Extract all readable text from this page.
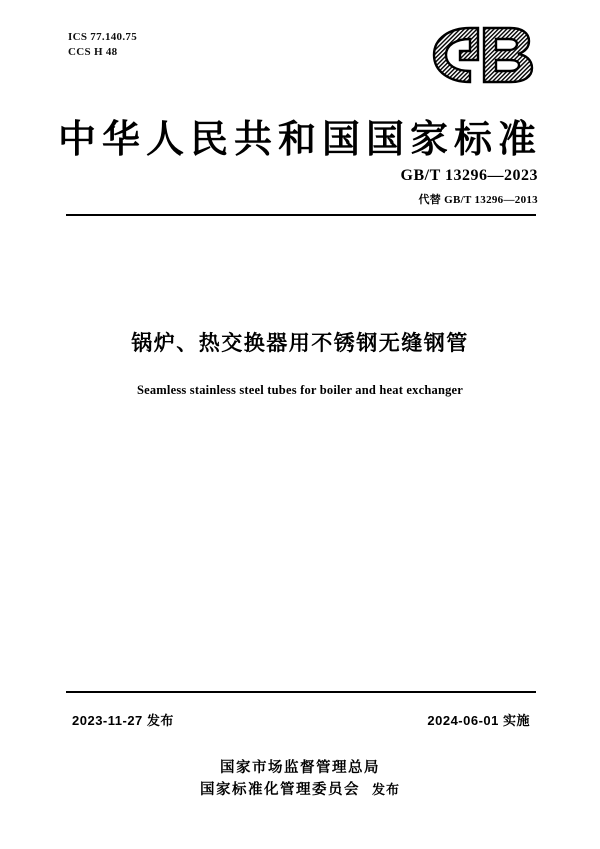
ICS 77.140.75
CCS H 48
中华人民共和国国家标准
GB/T 13296—2023
代替 GB/T 13296—2013
锅炉、热交换器用不锈钢无缝钢管
Seamless stainless steel tubes for boiler and heat exchanger
2023-11-27 发布	2024-06-01 实施
国家市场监督管理总局
国家标准化管理委员会 发布
